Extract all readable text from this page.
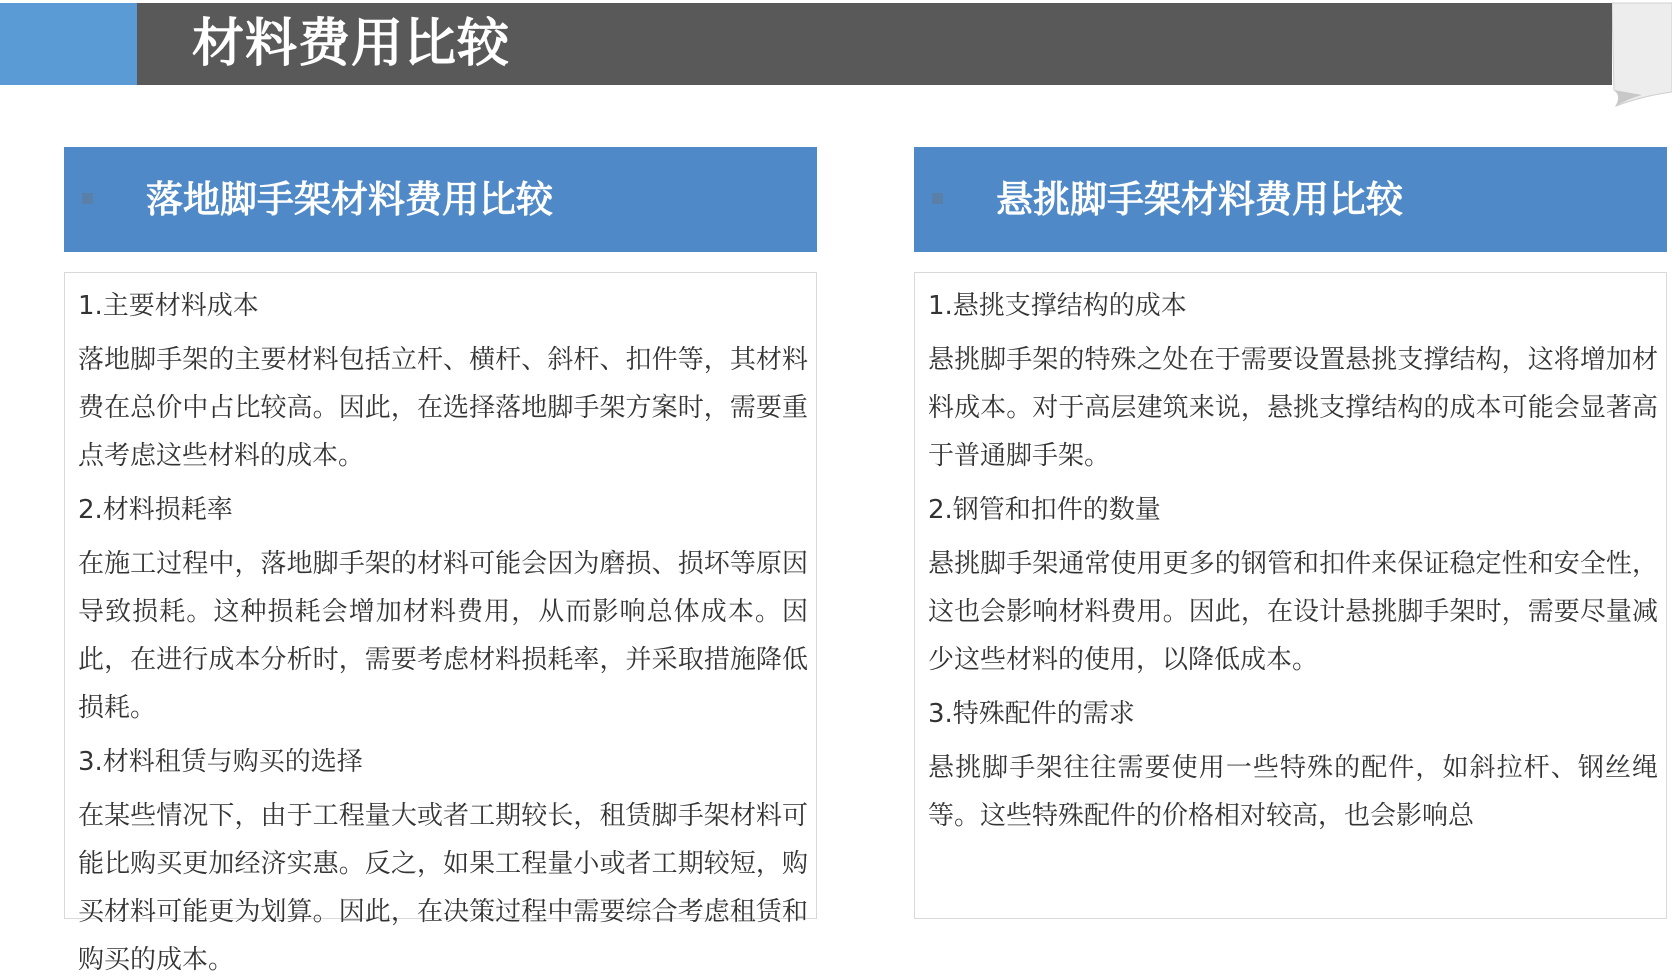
材料费用比较
落地脚手架材料费用比较
1.主要材料成本
落地脚手架的主要材料包括立杆、横杆、斜杆、扣件等，其材料费在总价中占比较高。因此，在选择落地脚手架方案时，需要重点考虑这些材料的成本。
2.材料损耗率
在施工过程中，落地脚手架的材料可能会因为磨损、损坏等原因导致损耗。这种损耗会增加材料费用，从而影响总体成本。因此，在进行成本分析时，需要考虑材料损耗率，并采取措施降低损耗。
3.材料租赁与购买的选择
在某些情况下，由于工程量大或者工期较长，租赁脚手架材料可能比购买更加经济实惠。反之，如果工程量小或者工期较短，购买材料可能更为划算。因此，在决策过程中需要综合考虑租赁和购买的成本。
悬挑脚手架材料费用比较
1.悬挑支撑结构的成本
悬挑脚手架的特殊之处在于需要设置悬挑支撑结构，这将增加材料成本。对于高层建筑来说，悬挑支撑结构的成本可能会显著高于普通脚手架。
2.钢管和扣件的数量
悬挑脚手架通常使用更多的钢管和扣件来保证稳定性和安全性，这也会影响材料费用。因此，在设计悬挑脚手架时，需要尽量减少这些材料的使用，以降低成本。
3.特殊配件的需求
悬挑脚手架往往需要使用一些特殊的配件，如斜拉杆、钢丝绳等。这些特殊配件的价格相对较高，也会影响总
